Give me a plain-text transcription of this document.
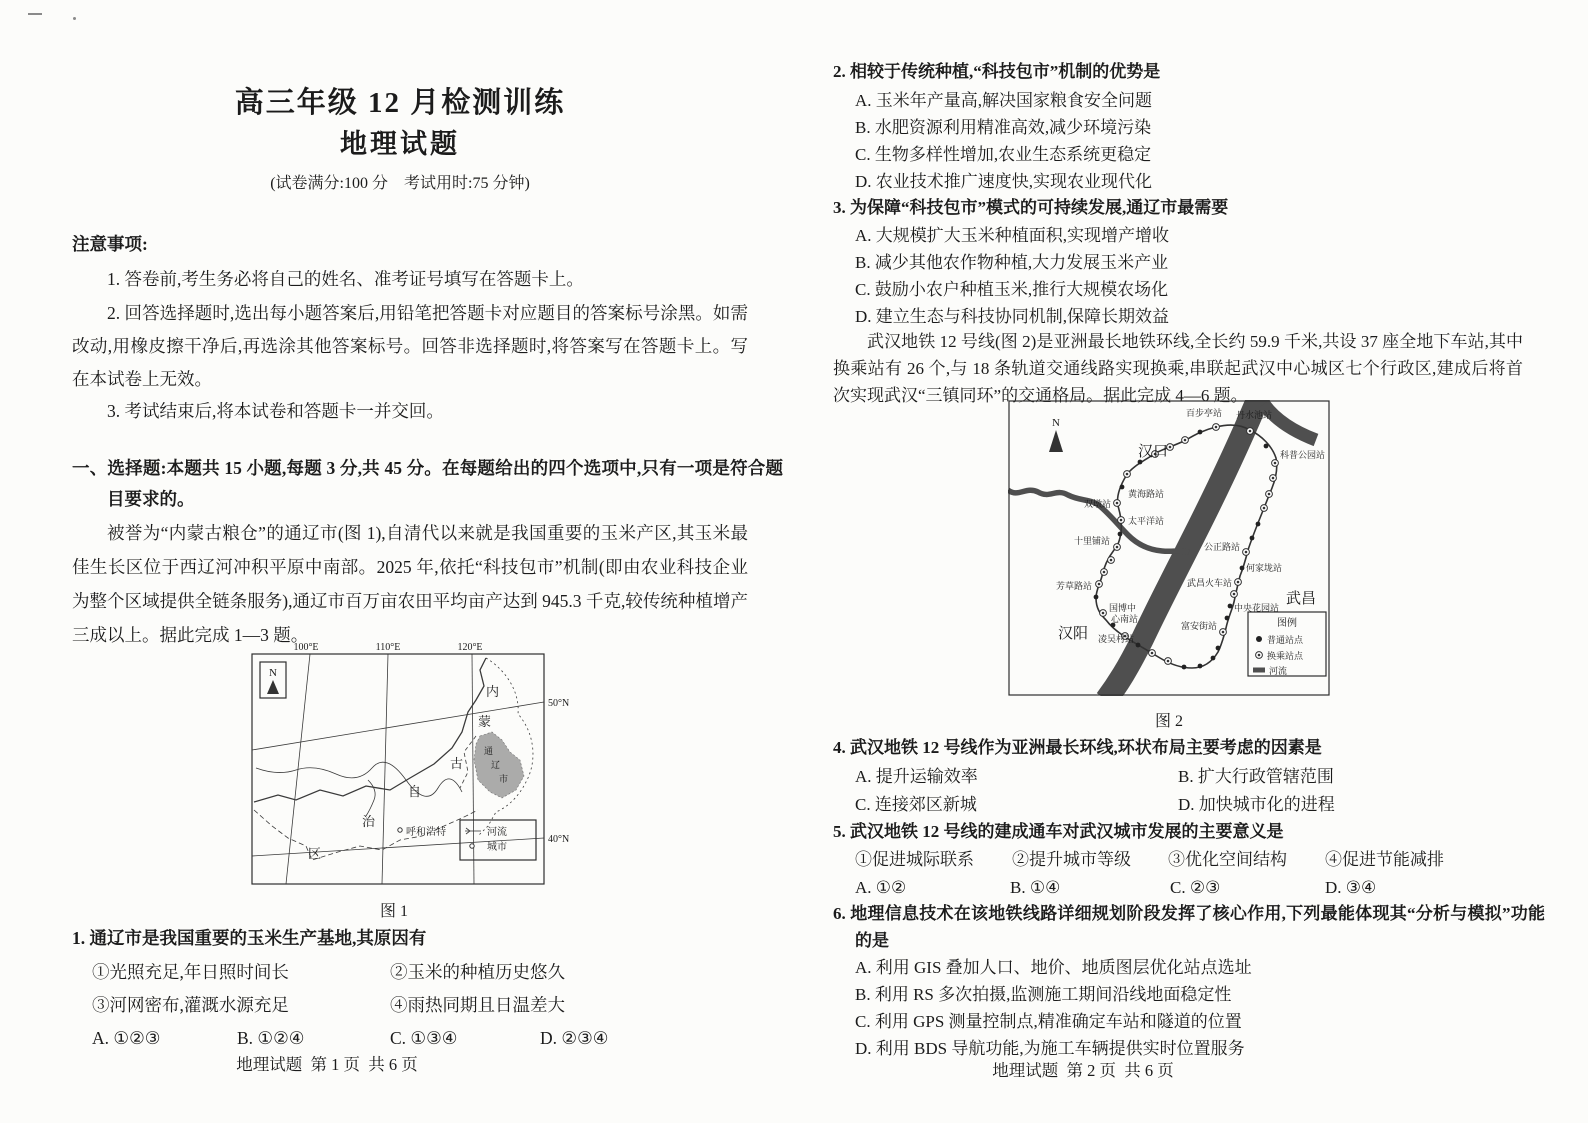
高三年级 12 月检测训练
地理试题
(试卷满分:100 分    考试用时:75 分钟)
注意事项:
1. 答卷前,考生务必将自己的姓名、准考证号填写在答题卡上。
2. 回答选择题时,选出每小题答案后,用铅笔把答题卡对应题目的答案标号涂黑。如需改动,用橡皮擦干净后,再选涂其他答案标号。回答非选择题时,将答案写在答题卡上。写在本试卷上无效。
3. 考试结束后,将本试卷和答题卡一并交回。
一、选择题:本题共 15 小题,每题 3 分,共 45 分。在每题给出的四个选项中,只有一项是符合题目要求的。
被誉为“内蒙古粮仓”的通辽市(图 1),自清代以来就是我国重要的玉米产区,其玉米最佳生长区位于西辽河冲积平原中南部。2025 年,依托“科技包市”机制(即由农业科技企业为整个区域提供全链条服务),通辽市百万亩农田平均亩产达到 945.3 千克,较传统种植增产三成以上。据此完成 1—3 题。
通
辽
市
内
蒙
古
自
治
区
呼和浩特
N
100°E	110°E	120°E
50°N
40°N
河流
城市
图 1
1. 通辽市是我国重要的玉米生产基地,其原因有
①光照充足,年日照时间长	②玉米的种植历史悠久
③河网密布,灌溉水源充足	④雨热同期且日温差大
A. ①②③	B. ①②④	C. ①③④	D. ②③④
地理试题  第 1 页  共 6 页
2. 相较于传统种植,“科技包市”机制的优势是
A. 玉米年产量高,解决国家粮食安全问题
B. 水肥资源利用精准高效,减少环境污染
C. 生物多样性增加,农业生态系统更稳定
D. 农业技术推广速度快,实现农业现代化
3. 为保障“科技包市”模式的可持续发展,通辽市最需要
A. 大规模扩大玉米种植面积,实现增产增收
B. 减少其他农作物种植,大力发展玉米产业
C. 鼓励小农户种植玉米,推行大规模农场化
D. 建立生态与科技协同机制,保障长期效益
武汉地铁 12 号线(图 2)是亚洲最长地铁环线,全长约 59.9 千米,共设 37 座全地下车站,其中换乘站有 26 个,与 18 条轨道交通线路实现换乘,串联起武汉中心城区七个行政区,建成后将首次实现武汉“三镇同环”的交通格局。据此完成 4—6 题。
百步亭站 丹水池站
科普公园站
黄海路站
双墩站
太平洋站
十里铺站
芳草路站
国博中
心南站
凌吴村站
富安街站
中央花园站
武昌火车站
何家垅站
公正路站
汉口
汉阳
武昌
N
图例
普通站点
换乘站点
河流
图 2
4. 武汉地铁 12 号线作为亚洲最长环线,环状布局主要考虑的因素是
A. 提升运输效率	B. 扩大行政管辖范围
C. 连接郊区新城	D. 加快城市化的进程
5. 武汉地铁 12 号线的建成通车对武汉城市发展的主要意义是
①促进城际联系 ②提升城市等级 ③优化空间结构 ④促进节能减排
A. ①②	B. ①④	C. ②③	D. ③④
6. 地理信息技术在该地铁线路详细规划阶段发挥了核心作用,下列最能体现其“分析与模拟”功能的是
A. 利用 GIS 叠加人口、地价、地质图层优化站点选址
B. 利用 RS 多次拍摄,监测施工期间沿线地面稳定性
C. 利用 GPS 测量控制点,精准确定车站和隧道的位置
D. 利用 BDS 导航功能,为施工车辆提供实时位置服务
地理试题  第 2 页  共 6 页
